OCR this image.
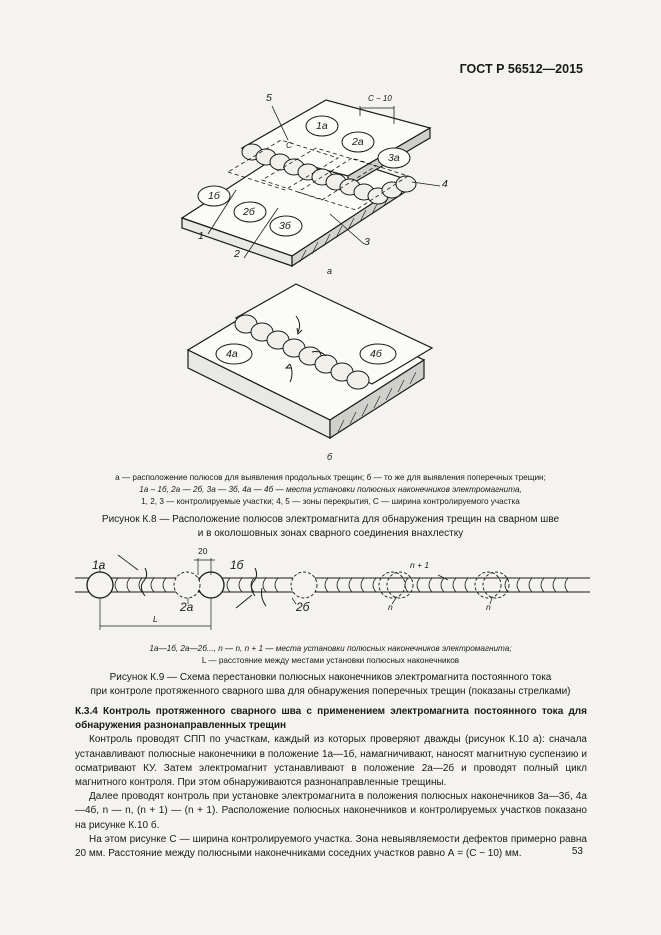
ГОСТ Р 56512—2015
1а
2а
3а
1б
2б
3б
C − 10
C
1
2
3
4
5
а
4а	4б
б
а — расположение полюсов для выявления продольных трещин; б — то же для выявления поперечных трещин;
1а – 1б, 2а — 2б, 3а — 3б, 4а — 4б — места установки полюсных наконечников электромагнита,
1, 2, 3 — контролируемые участки; 4, 5 — зоны перекрытия, C — ширина контролируемого участка
Рисунок К.8 — Расположение полюсов электромагнита для обнаружения трещин на сварном шве
и в околошовных зонах сварного соединения внахлестку
1а
2а
1б
2б
n + 1
n	n
20
L
1а—1б, 2а—2б..., n — n, n + 1 — места установки полюсных наконечников электромагнита;
L — расстояние между местами установки полюсных наконечников
Рисунок К.9 — Схема перестановки полюсных наконечников электромагнита постоянного тока
при контроле протяженного сварного шва для обнаружения поперечных трещин (показаны стрелками)

К.3.4 Контроль протяженного сварного шва с применением электромагнита постоянного тока для обнаружения разнонаправленных трещин

Контроль проводят СПП по участкам, каждый из которых проверяют дважды (рисунок К.10 а): сначала устанавливают полюсные наконечники в положение 1а—1б, намагничивают, наносят магнитную суспензию и осматривают КУ. Затем электромагнит устанавливают в положение 2а—2б и проводят полный цикл магнитного контроля. При этом обнаруживаются разнонаправленные трещины.

Далее проводят контроль при установке электромагнита в положения полюсных наконечников 3а—3б, 4а—4б, n — n, (n + 1) — (n + 1). Расположение полюсных наконечников и контролируемых участков показано на рисунке К.10 б.

На этом рисунке C — ширина контролируемого участка. Зона невыявляемости дефектов примерно равна 20 мм. Расстояние между полюсными наконечниками соседних участков равно А = (C − 10) мм.	53
